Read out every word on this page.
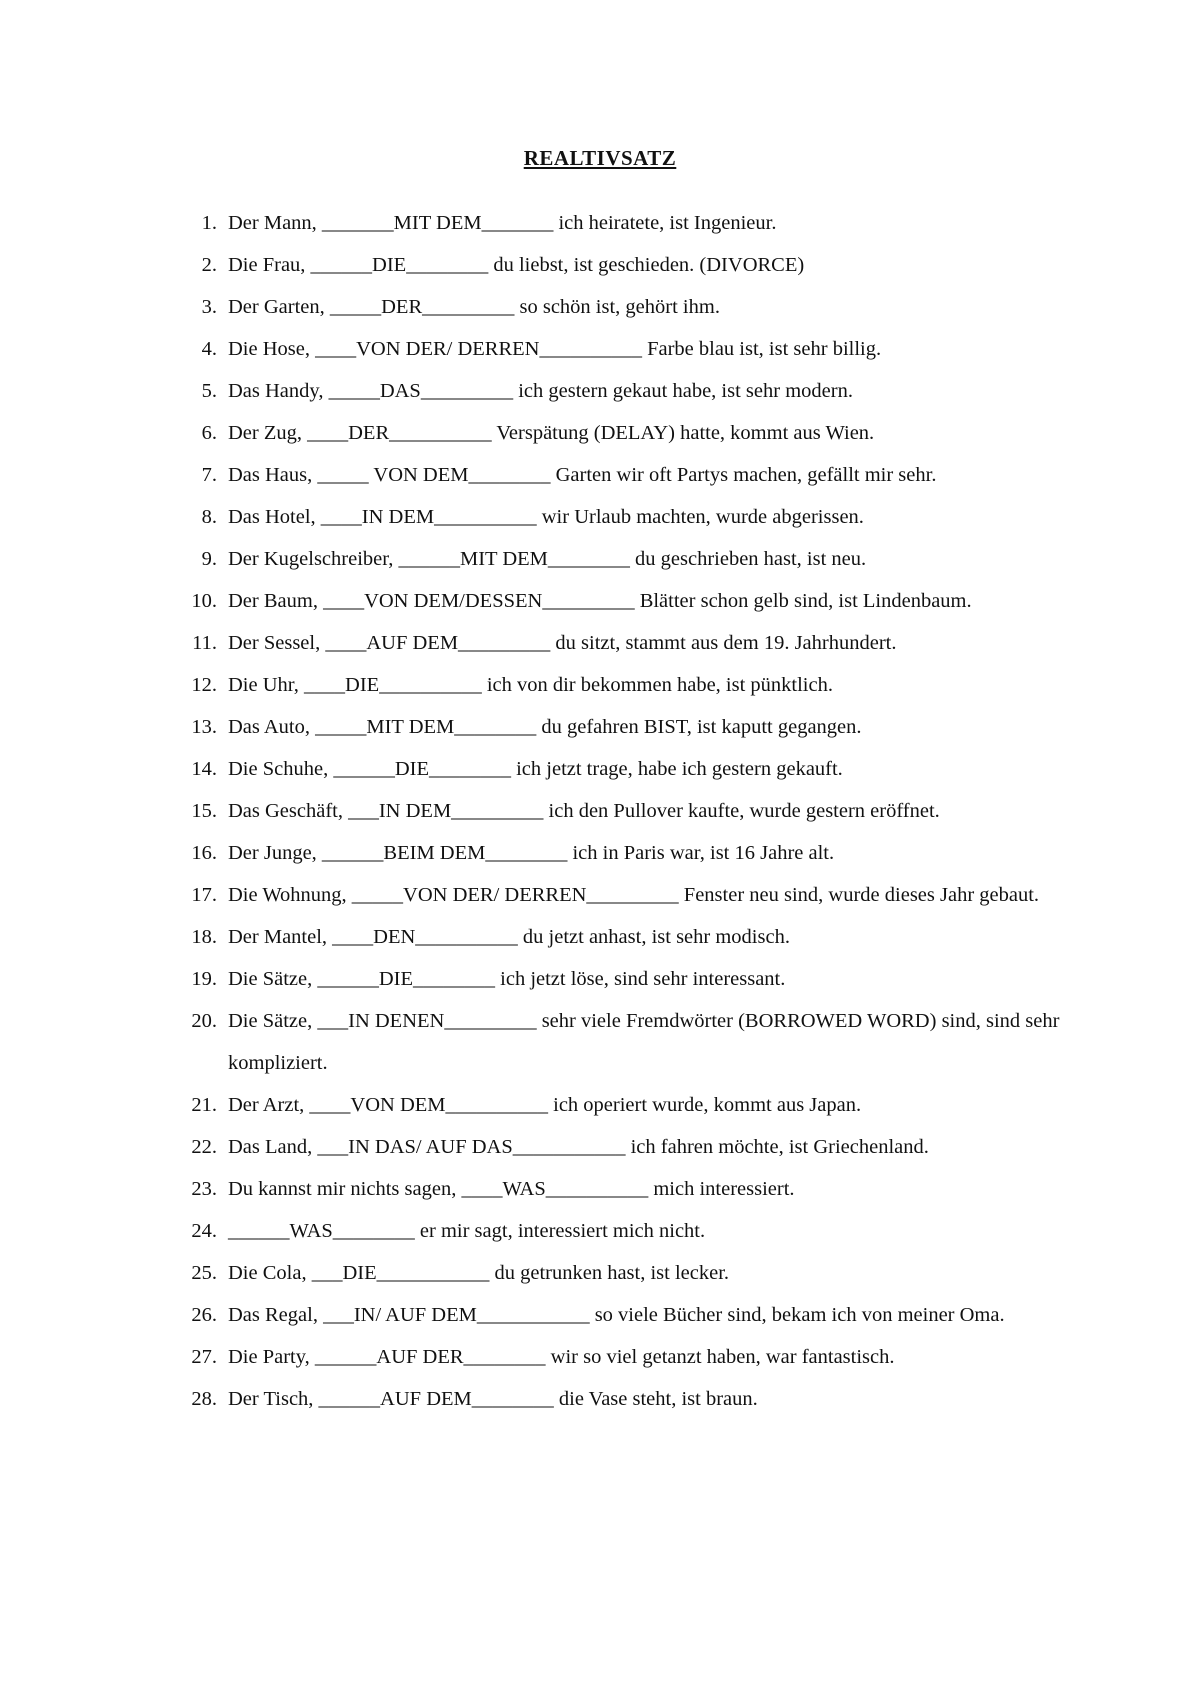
REALTIVSATZ
1. Der Mann, _______MIT DEM_______ ich heiratete, ist Ingenieur.
2. Die Frau, ______DIE________ du liebst, ist geschieden. (DIVORCE)
3. Der Garten, _____DER_________ so schön ist, gehört ihm.
4. Die Hose, ____VON DER/ DERREN__________ Farbe blau ist, ist sehr billig.
5. Das Handy, _____DAS_________ ich gestern gekaut habe, ist sehr modern.
6. Der Zug, ____DER__________ Verspätung (DELAY) hatte, kommt aus Wien.
7. Das Haus, _____ VON DEM________ Garten wir oft Partys machen, gefällt mir sehr.
8. Das Hotel, ____IN DEM__________ wir Urlaub machten, wurde abgerissen.
9. Der Kugelschreiber, ______MIT DEM________ du geschrieben hast, ist neu.
10. Der Baum, ____VON DEM/DESSEN_________ Blätter schon gelb sind, ist Lindenbaum.
11. Der Sessel, ____AUF DEM_________ du sitzt, stammt aus dem 19. Jahrhundert.
12. Die Uhr, ____DIE__________ ich von dir bekommen habe, ist pünktlich.
13. Das Auto, _____MIT DEM________ du gefahren BIST, ist kaputt gegangen.
14. Die Schuhe, ______DIE________ ich jetzt trage, habe ich gestern gekauft.
15. Das Geschäft, ___IN DEM_________ ich den Pullover kaufte, wurde gestern eröffnet.
16. Der Junge, ______BEIM DEM________ ich in Paris war, ist 16 Jahre alt.
17. Die Wohnung, _____VON DER/ DERREN_________ Fenster neu sind, wurde dieses Jahr gebaut.
18. Der Mantel, ____DEN__________ du jetzt anhast, ist sehr modisch.
19. Die Sätze, ______DIE________ ich jetzt löse, sind sehr interessant.
20. Die Sätze, ___IN DENEN_________ sehr viele Fremdwörter (BORROWED WORD) sind, sind sehr kompliziert.
21. Der Arzt, ____VON DEM__________ ich operiert wurde, kommt aus Japan.
22. Das Land, ___IN DAS/ AUF DAS___________ ich fahren möchte, ist Griechenland.
23. Du kannst mir nichts sagen, ____WAS__________ mich interessiert.
24. ______WAS________ er mir sagt, interessiert mich nicht.
25. Die Cola, ___DIE___________ du getrunken hast, ist lecker.
26. Das Regal, ___IN/ AUF DEM___________ so viele Bücher sind, bekam ich von meiner Oma.
27. Die Party, ______AUF DER________ wir so viel getanzt haben, war fantastisch.
28. Der Tisch, ______AUF DEM________ die Vase steht, ist braun.
